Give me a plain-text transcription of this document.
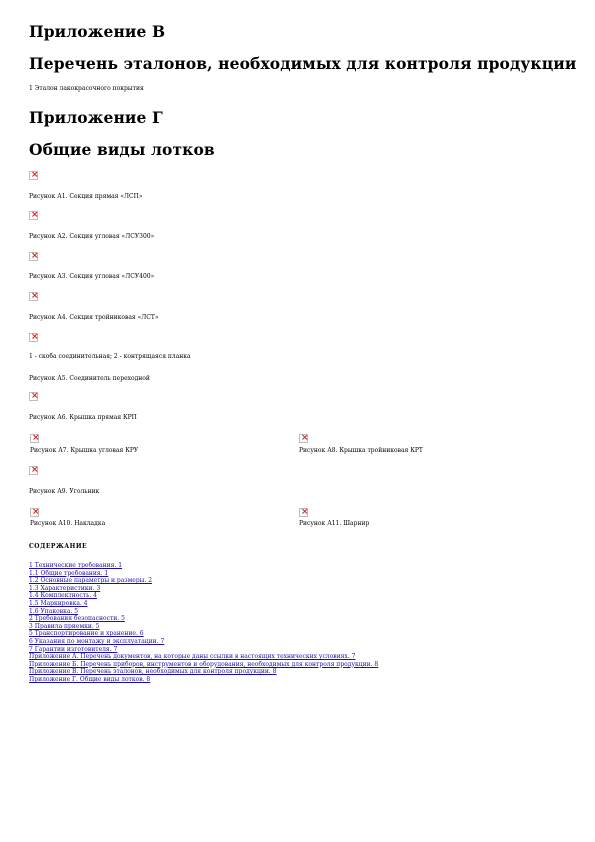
Приложение В
Перечень эталонов, необходимых для контроля продукции
1 Эталон лакокрасочного покрытия
Приложение Г
Общие виды лотков
×
Рисунок А1. Секция прямая «ЛСП»
×
Рисунок А2. Секция угловая «ЛСУ300»
×
Рисунок А3. Секция угловая «ЛСУ400»
×
Рисунок А4. Секция тройниковая «ЛСТ»
×
1 - скоба соединительная; 2 - контрящаяся планка
Рисунок А5. Соединитель переходной
×
Рисунок А6. Крышка прямая КРП
×
Рисунок А7. Крышка угловая КРУ
×	Рисунок А8. Крышка тройниковая КРТ
×
Рисунок А9. Угольник
×
Рисунок А10. Накладка
×	Рисунок А11. Шарнир
СОДЕРЖАНИЕ
1 Технические требования. 1
1.1 Общие требования. 1
1.2 Основные параметры и размеры. 2
1.3 Характеристики. 3
1.4 Комплектность. 4
1.5 Маркировка. 4
1.6 Упаковка. 5
2 Требования безопасности. 5
3 Правила приемки. 5
5 Транспортирование и хранение. 6
6 Указания по монтажу и эксплуатации. 7
7 Гарантии изготовителя. 7
Приложение А. Перечень документов, на которые даны ссылки в настоящих технических условиях. 7
Приложение Б. Перечень приборов, инструментов и оборудования, необходимых для контроля продукции. 8
Приложение В. Перечень эталонов, необходимых для контроля продукции. 8
Приложение Г. Общие виды лотков. 8
